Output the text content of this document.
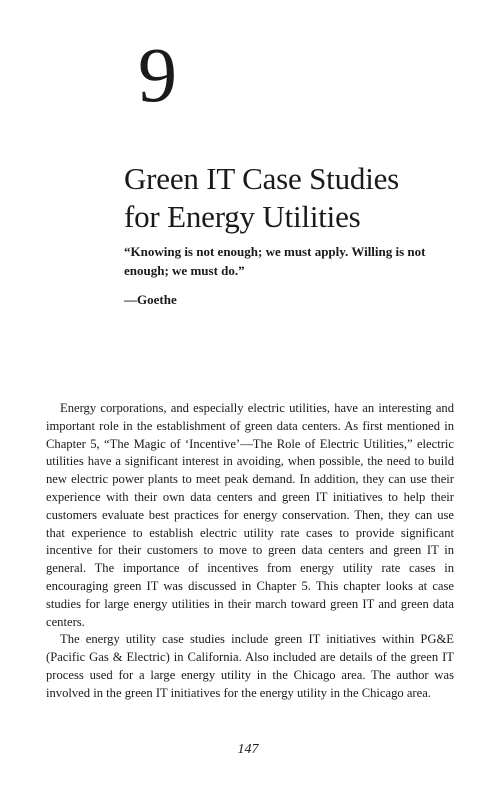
9
Green IT Case Studies
for Energy Utilities

“Knowing is not enough; we must apply. Willing is not enough; we must do.”

—Goethe

Energy corporations, and especially electric utilities, have an interesting and important role in the establishment of green data centers. As first mentioned in Chapter 5, “The Magic of ‘Incentive’—The Role of Electric Utilities,” electric utilities have a significant interest in avoiding, when possible, the need to build new electric power plants to meet peak demand. In addition, they can use their experience with their own data centers and green IT initiatives to help their customers evaluate best practices for energy conservation. Then, they can use that experience to establish electric utility rate cases to provide significant incentive for their customers to move to green data centers and green IT in general. The importance of incentives from energy utility rate cases in encouraging green IT was discussed in Chapter 5. This chapter looks at case studies for large energy utilities in their march toward green IT and green data centers.

The energy utility case studies include green IT initiatives within PG&E (Pacific Gas & Electric) in California. Also included are details of the green IT process used for a large energy utility in the Chicago area. The author was involved in the green IT initiatives for the energy utility in the Chicago area.

147
